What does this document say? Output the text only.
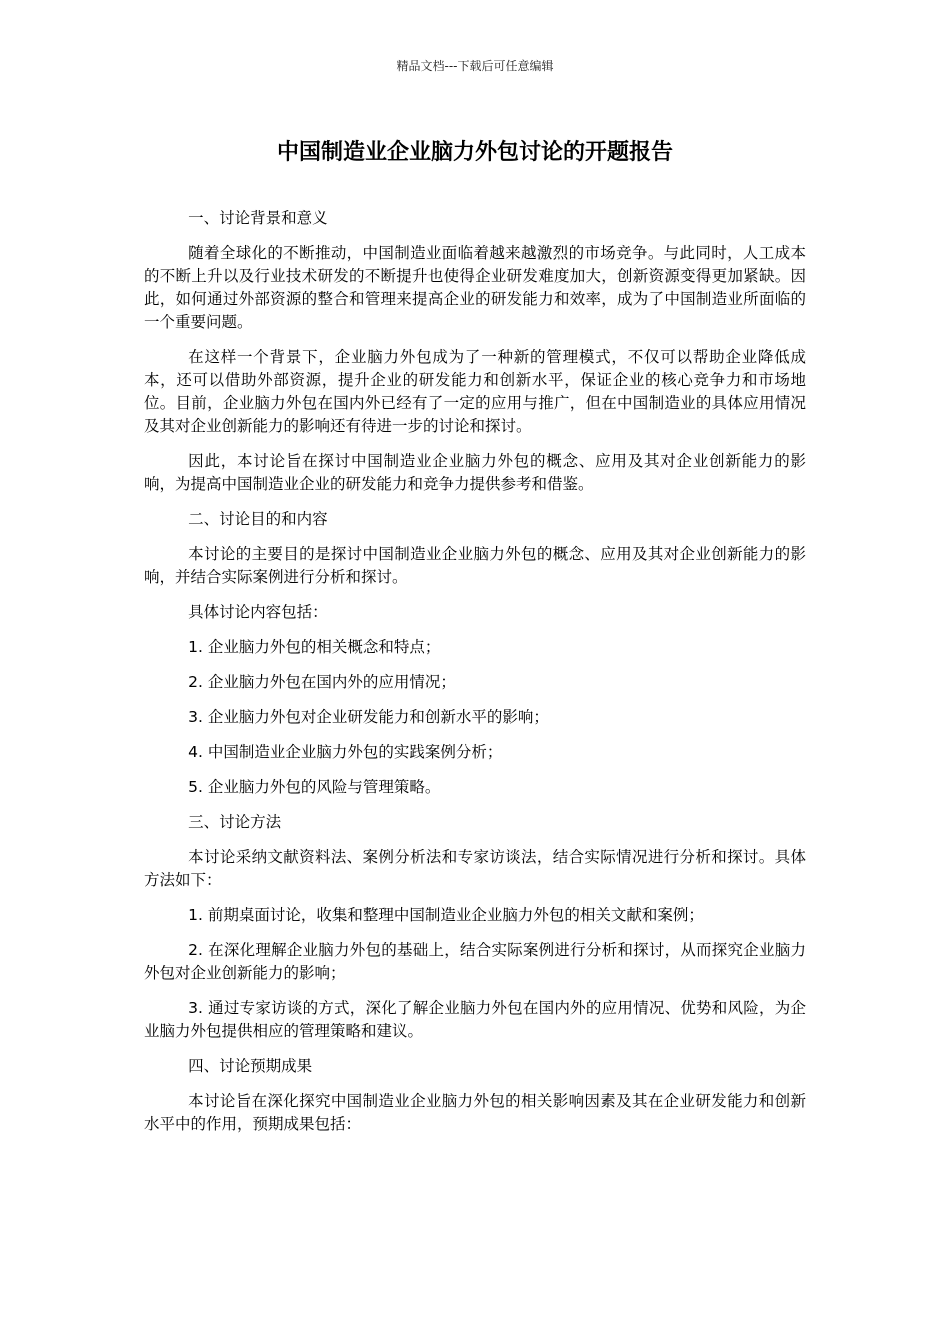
精品文档---下载后可任意编辑
中国制造业企业脑力外包讨论的开题报告

一、讨论背景和意义

随着全球化的不断推动，中国制造业面临着越来越激烈的市场竞争。与此同时，人工成本的不断上升以及行业技术研发的不断提升也使得企业研发难度加大，创新资源变得更加紧缺。因此，如何通过外部资源的整合和管理来提高企业的研发能力和效率，成为了中国制造业所面临的一个重要问题。

在这样一个背景下，企业脑力外包成为了一种新的管理模式，不仅可以帮助企业降低成本，还可以借助外部资源，提升企业的研发能力和创新水平，保证企业的核心竞争力和市场地位。目前，企业脑力外包在国内外已经有了一定的应用与推广，但在中国制造业的具体应用情况及其对企业创新能力的影响还有待进一步的讨论和探讨。

因此，本讨论旨在探讨中国制造业企业脑力外包的概念、应用及其对企业创新能力的影响，为提高中国制造业企业的研发能力和竞争力提供参考和借鉴。

二、讨论目的和内容

本讨论的主要目的是探讨中国制造业企业脑力外包的概念、应用及其对企业创新能力的影响，并结合实际案例进行分析和探讨。

具体讨论内容包括：

1. 企业脑力外包的相关概念和特点；

2. 企业脑力外包在国内外的应用情况；

3. 企业脑力外包对企业研发能力和创新水平的影响；

4. 中国制造业企业脑力外包的实践案例分析；

5. 企业脑力外包的风险与管理策略。

三、讨论方法

本讨论采纳文献资料法、案例分析法和专家访谈法，结合实际情况进行分析和探讨。具体方法如下：

1. 前期桌面讨论，收集和整理中国制造业企业脑力外包的相关文献和案例；

2. 在深化理解企业脑力外包的基础上，结合实际案例进行分析和探讨，从而探究企业脑力外包对企业创新能力的影响；

3. 通过专家访谈的方式，深化了解企业脑力外包在国内外的应用情况、优势和风险，为企业脑力外包提供相应的管理策略和建议。

四、讨论预期成果

本讨论旨在深化探究中国制造业企业脑力外包的相关影响因素及其在企业研发能力和创新水平中的作用，预期成果包括：
